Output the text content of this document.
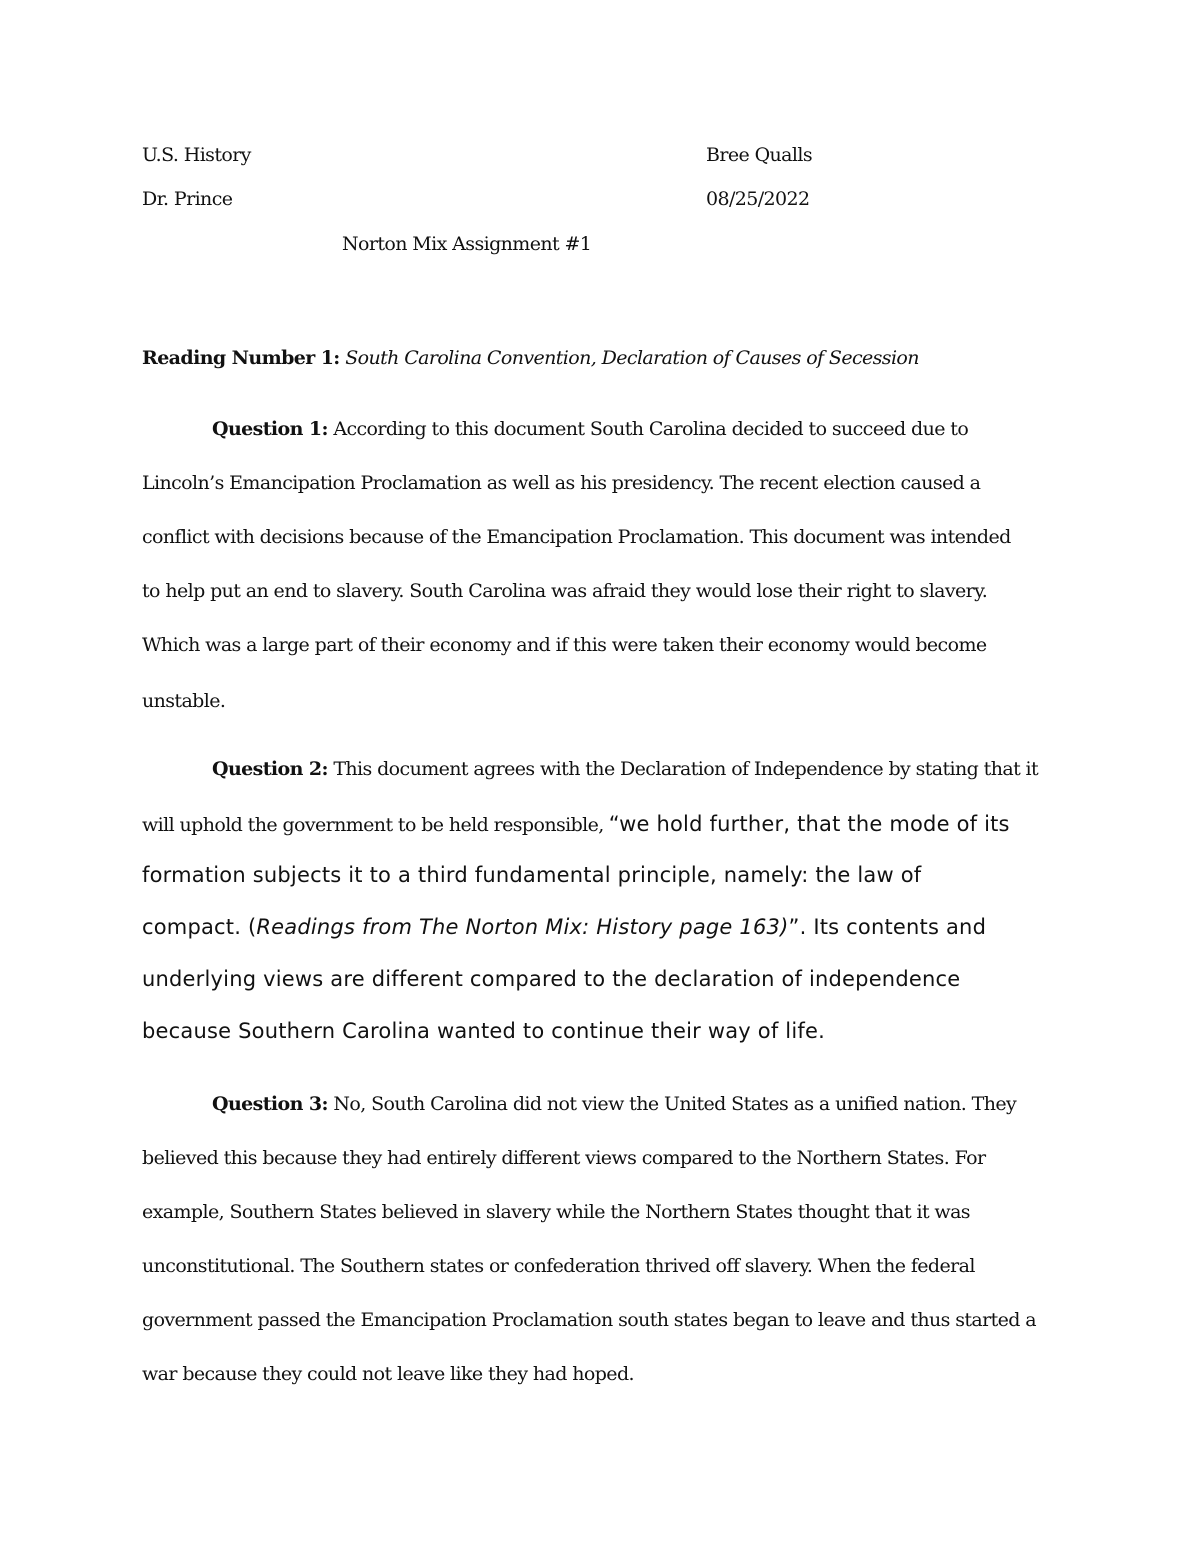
U.S. History	Bree Qualls
Dr. Prince	08/25/2022
Norton Mix Assignment #1
Reading Number 1: South Carolina Convention, Declaration of Causes of Secession
Question 1: According to this document South Carolina decided to succeed due to
Lincoln’s Emancipation Proclamation as well as his presidency. The recent election caused a
conflict with decisions because of the Emancipation Proclamation. This document was intended
to help put an end to slavery. South Carolina was afraid they would lose their right to slavery.
Which was a large part of their economy and if this were taken their economy would become
unstable.
Question 2: This document agrees with the Declaration of Independence by stating that it
will uphold the government to be held responsible, “we hold further, that the mode of its
formation subjects it to a third fundamental principle, namely: the law of
compact. (Readings from The Norton Mix: History page 163)”. Its contents and
underlying views are different compared to the declaration of independence
because Southern Carolina wanted to continue their way of life.
Question 3: No, South Carolina did not view the United States as a unified nation. They
believed this because they had entirely different views compared to the Northern States. For
example, Southern States believed in slavery while the Northern States thought that it was
unconstitutional. The Southern states or confederation thrived off slavery. When the federal
government passed the Emancipation Proclamation south states began to leave and thus started a
war because they could not leave like they had hoped.
